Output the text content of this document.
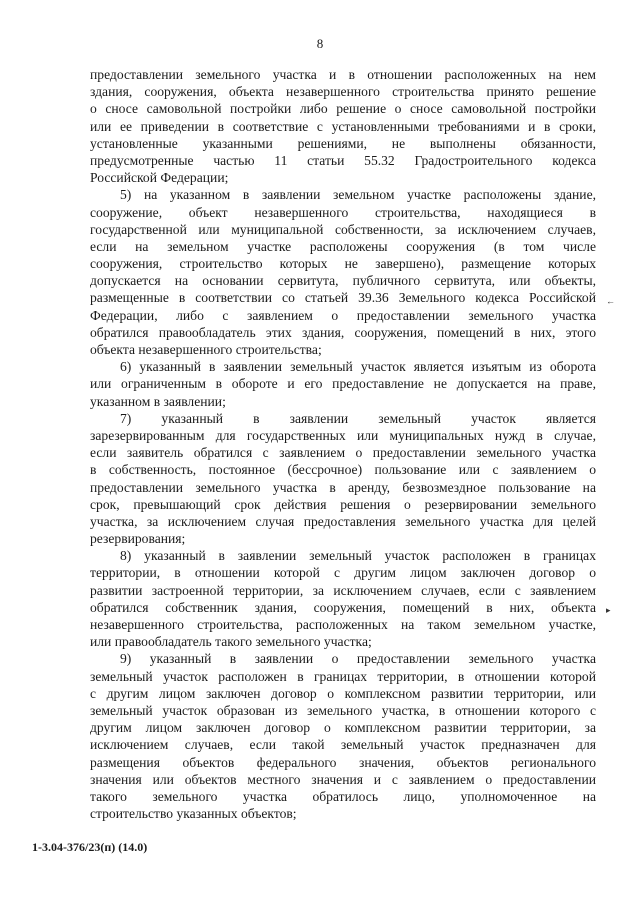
8
предоставлении земельного участка и в отношении расположенных на нем
здания, сооружения, объекта незавершенного строительства принято решение
о сносе самовольной постройки либо решение о сносе самовольной постройки
или ее приведении в соответствие с установленными требованиями и в сроки,
установленные указанными решениями, не выполнены обязанности,
предусмотренные частью 11 статьи 55.32 Градостроительного кодекса
Российской Федерации;
5) на указанном в заявлении земельном участке расположены здание,
сооружение, объект незавершенного строительства, находящиеся в
государственной или муниципальной собственности, за исключением случаев,
если на земельном участке расположены сооружения (в том числе
сооружения, строительство которых не завершено), размещение которых
допускается на основании сервитута, публичного сервитута, или объекты,
размещенные в соответствии со статьей 39.36 Земельного кодекса Российской
Федерации, либо с заявлением о предоставлении земельного участка
обратился правообладатель этих здания, сооружения, помещений в них, этого
объекта незавершенного строительства;
6) указанный в заявлении земельный участок является изъятым из оборота
или ограниченным в обороте и его предоставление не допускается на праве,
указанном в заявлении;
7) указанный в заявлении земельный участок является
зарезервированным для государственных или муниципальных нужд в случае,
если заявитель обратился с заявлением о предоставлении земельного участка
в собственность, постоянное (бессрочное) пользование или с заявлением о
предоставлении земельного участка в аренду, безвозмездное пользование на
срок, превышающий срок действия решения о резервировании земельного
участка, за исключением случая предоставления земельного участка для целей
резервирования;
8) указанный в заявлении земельный участок расположен в границах
территории, в отношении которой с другим лицом заключен договор о
развитии застроенной территории, за исключением случаев, если с заявлением
обратился собственник здания, сооружения, помещений в них, объекта
незавершенного строительства, расположенных на таком земельном участке,
или правообладатель такого земельного участка;
9) указанный в заявлении о предоставлении земельного участка
земельный участок расположен в границах территории, в отношении которой
с другим лицом заключен договор о комплексном развитии территории, или
земельный участок образован из земельного участка, в отношении которого с
другим лицом заключен договор о комплексном развитии территории, за
исключением случаев, если такой земельный участок предназначен для
размещения объектов федерального значения, объектов регионального
значения или объектов местного значения и с заявлением о предоставлении
такого земельного участка обратилось лицо, уполномоченное на
строительство указанных объектов;
←
▸
1-3.04-376/23(п) (14.0)
